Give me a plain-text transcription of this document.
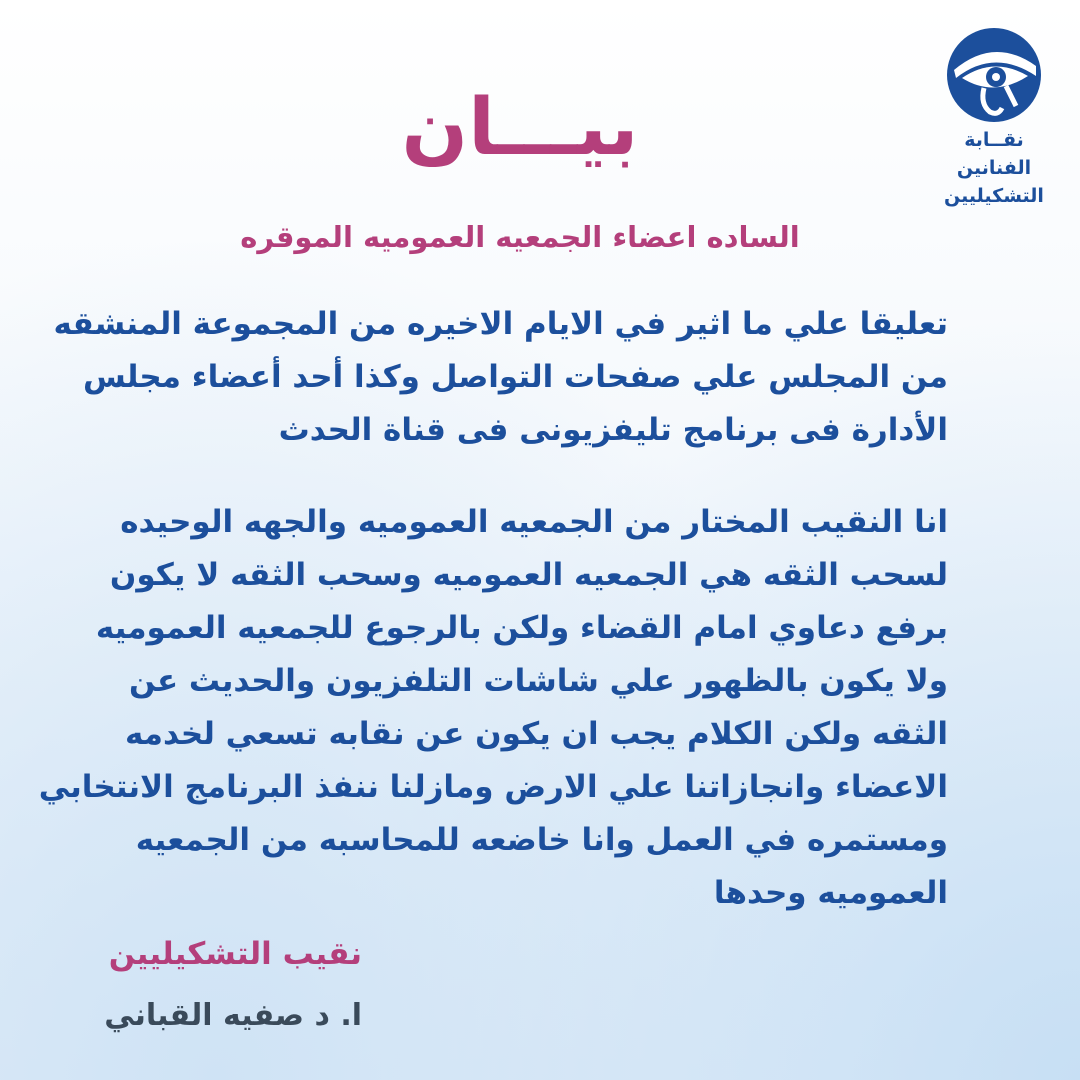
نقــابة
الفنانين
التشكيليين
بيـــان
الساده اعضاء الجمعيه العموميه الموقره
تعليقا علي ما اثير في الايام الاخيره من المجموعة المنشقه
من المجلس علي صفحات التواصل وكذا أحد أعضاء مجلس
الأدارة فى برنامج تليفزيونى فى قناة الحدث
انا النقيب المختار من الجمعيه العموميه والجهه الوحيده
لسحب الثقه هي الجمعيه العموميه وسحب الثقه لا يكون
برفع دعاوي امام القضاء ولكن بالرجوع للجمعيه العموميه
ولا يكون بالظهور علي شاشات التلفزيون والحديث عن
الثقه ولكن الكلام يجب ان يكون عن نقابه تسعي لخدمه
الاعضاء وانجازاتنا علي الارض ومازلنا ننفذ البرنامج الانتخابي
ومستمره في العمل وانا خاضعه للمحاسبه من الجمعيه
العموميه وحدها
نقيب التشكيليين
ا. د صفيه القباني
